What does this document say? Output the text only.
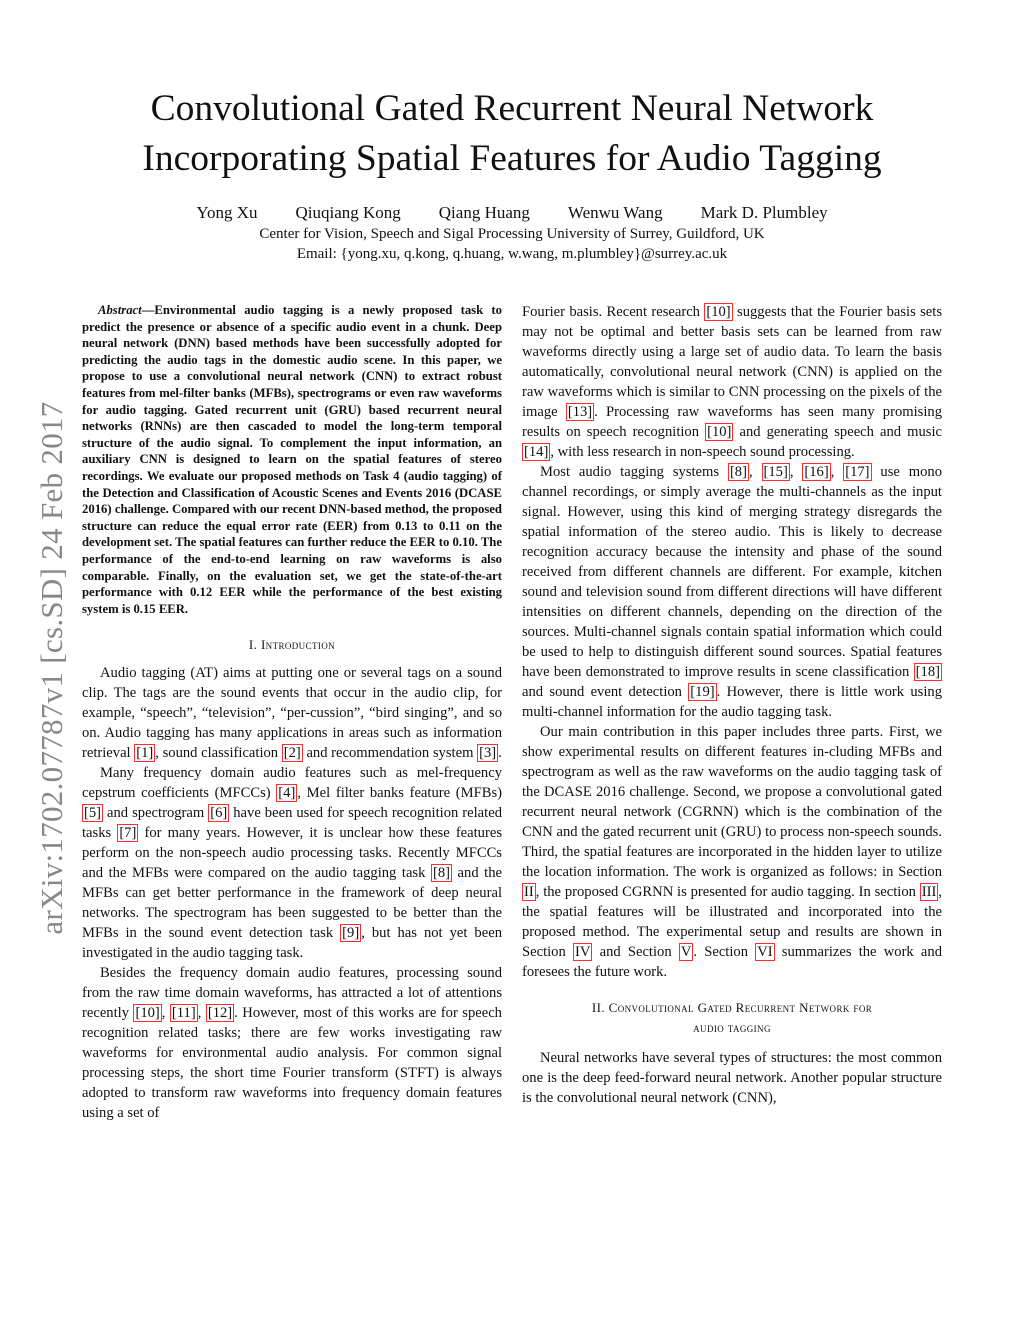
arXiv:1702.07787v1 [cs.SD] 24 Feb 2017
Convolutional Gated Recurrent Neural Network
Incorporating Spatial Features for Audio Tagging
Yong Xu Qiuqiang Kong Qiang Huang Wenwu Wang Mark D. Plumbley
Center for Vision, Speech and Sigal Processing University of Surrey, Guildford, UK
Email: {yong.xu, q.kong, q.huang, w.wang, m.plumbley}@surrey.ac.uk

Abstract—Environmental audio tagging is a newly proposed task to predict the presence or absence of a specific audio event in a chunk. Deep neural network (DNN) based methods have been successfully adopted for predicting the audio tags in the domestic audio scene. In this paper, we propose to use a convolutional neural network (CNN) to extract robust features from mel-filter banks (MFBs), spectrograms or even raw waveforms for audio tagging. Gated recurrent unit (GRU) based recurrent neural networks (RNNs) are then cascaded to model the long-term temporal structure of the audio signal. To complement the input information, an auxiliary CNN is designed to learn on the spatial features of stereo recordings. We evaluate our proposed methods on Task 4 (audio tagging) of the Detection and Classification of Acoustic Scenes and Events 2016 (DCASE 2016) challenge. Compared with our recent DNN-based method, the proposed structure can reduce the equal error rate (EER) from 0.13 to 0.11 on the development set. The spatial features can further reduce the EER to 0.10. The performance of the end-to-end learning on raw waveforms is also comparable. Finally, on the evaluation set, we get the state-of-the-art performance with 0.12 EER while the performance of the best existing system is 0.15 EER.

I. Introduction

Audio tagging (AT) aims at putting one or several tags on a sound clip. The tags are the sound events that occur in the audio clip, for example, “speech”, “television”, “per-cussion”, “bird singing”, and so on. Audio tagging has many applications in areas such as information retrieval [1] , sound classification [2] and recommendation system [3] .

Many frequency domain audio features such as mel-frequency cepstrum coefficients (MFCCs) [4] , Mel filter banks feature (MFBs) [5] and spectrogram [6] have been used for speech recognition related tasks [7] for many years. However, it is unclear how these features perform on the non-speech audio processing tasks. Recently MFCCs and the MFBs were compared on the audio tagging task [8] and the MFBs can get better performance in the framework of deep neural networks. The spectrogram has been suggested to be better than the MFBs in the sound event detection task [9] , but has not yet been investigated in the audio tagging task.

Besides the frequency domain audio features, processing sound from the raw time domain waveforms, has attracted a lot of attentions recently [10] , [11] , [12] . However, most of this works are for speech recognition related tasks; there are few works investigating raw waveforms for environmental audio analysis. For common signal processing steps, the short time Fourier transform (STFT) is always adopted to transform raw waveforms into frequency domain features using a set of

Fourier basis. Recent research [10] suggests that the Fourier basis sets may not be optimal and better basis sets can be learned from raw waveforms directly using a large set of audio data. To learn the basis automatically, convolutional neural network (CNN) is applied on the raw waveforms which is similar to CNN processing on the pixels of the image [13] . Processing raw waveforms has seen many promising results on speech recognition [10] and generating speech and music [14] , with less research in non-speech sound processing.

Most audio tagging systems [8] , [15] , [16] , [17] use mono channel recordings, or simply average the multi-channels as the input signal. However, using this kind of merging strategy disregards the spatial information of the stereo audio. This is likely to decrease recognition accuracy because the intensity and phase of the sound received from different channels are different. For example, kitchen sound and television sound from different directions will have different intensities on different channels, depending on the direction of the sources. Multi-channel signals contain spatial information which could be used to help to distinguish different sound sources. Spatial features have been demonstrated to improve results in scene classification [18] and sound event detection [19] . However, there is little work using multi-channel information for the audio tagging task.

Our main contribution in this paper includes three parts. First, we show experimental results on different features in-cluding MFBs and spectrogram as well as the raw waveforms on the audio tagging task of the DCASE 2016 challenge. Second, we propose a convolutional gated recurrent neural network (CGRNN) which is the combination of the CNN and the gated recurrent unit (GRU) to process non-speech sounds. Third, the spatial features are incorporated in the hidden layer to utilize the location information. The work is organized as follows: in Section II , the proposed CGRNN is presented for audio tagging. In section III , the spatial features will be illustrated and incorporated into the proposed method. The experimental setup and results are shown in Section IV and Section V . Section VI summarizes the work and foresees the future work.

II. Convolutional Gated Recurrent Network for
audio tagging

Neural networks have several types of structures: the most common one is the deep feed-forward neural network. Another popular structure is the convolutional neural network (CNN),
